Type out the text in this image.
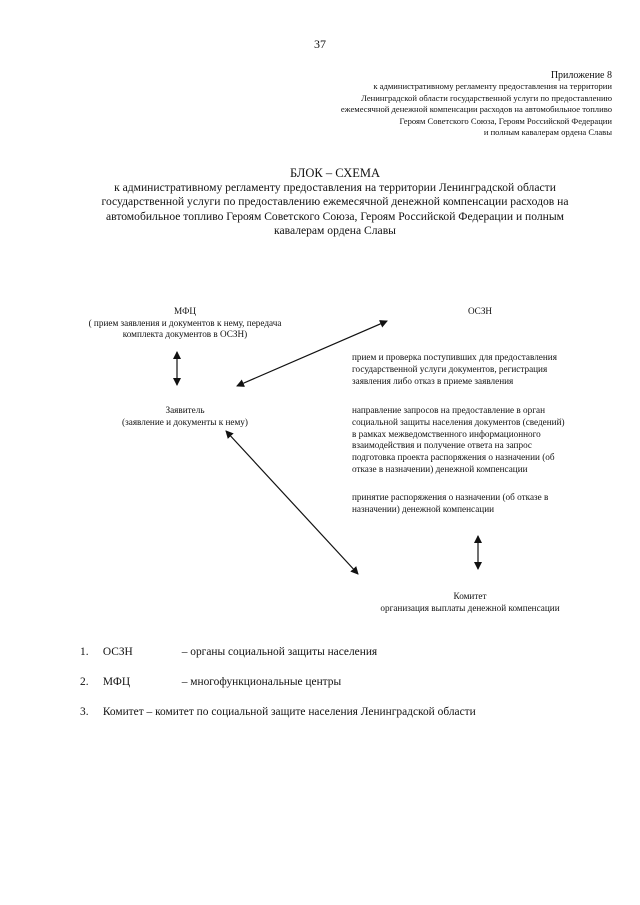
37
Приложение 8
к административному регламенту предоставления на территории
Ленинградской области государственной услуги по предоставлению
ежемесячной денежной компенсации расходов на автомобильное топливо
Героям Советского Союза, Героям Российской Федерации
и полным кавалерам ордена Славы
БЛОК – СХЕМА
к административному регламенту предоставления на территории Ленинградской области
государственной услуги по предоставлению ежемесячной денежной компенсации расходов на
автомобильное топливо Героям Советского Союза, Героям Российской Федерации и полным
кавалерам ордена Славы
МФЦ
( прием заявления и документов к нему, передача
комплекта документов в ОСЗН)
ОСЗН
Заявитель
(заявление и документы к нему)
прием и проверка поступивших для предоставления
государственной услуги документов, регистрация
заявления либо отказ в приеме заявления
направление запросов на предоставление в орган
социальной защиты населения документов (сведений)
в рамках межведомственного информационного
взаимодействия и получение ответа на запрос
подготовка проекта распоряжения о назначении (об
отказе в назначении) денежной компенсации
принятие распоряжения о назначении (об отказе в
назначении) денежной компенсации
Комитет
организация выплаты денежной компенсации
1. ОСЗН	– органы социальной защиты населения
2. МФЦ	– многофункциональные центры
3. Комитет – комитет по социальной защите населения Ленинградской области
